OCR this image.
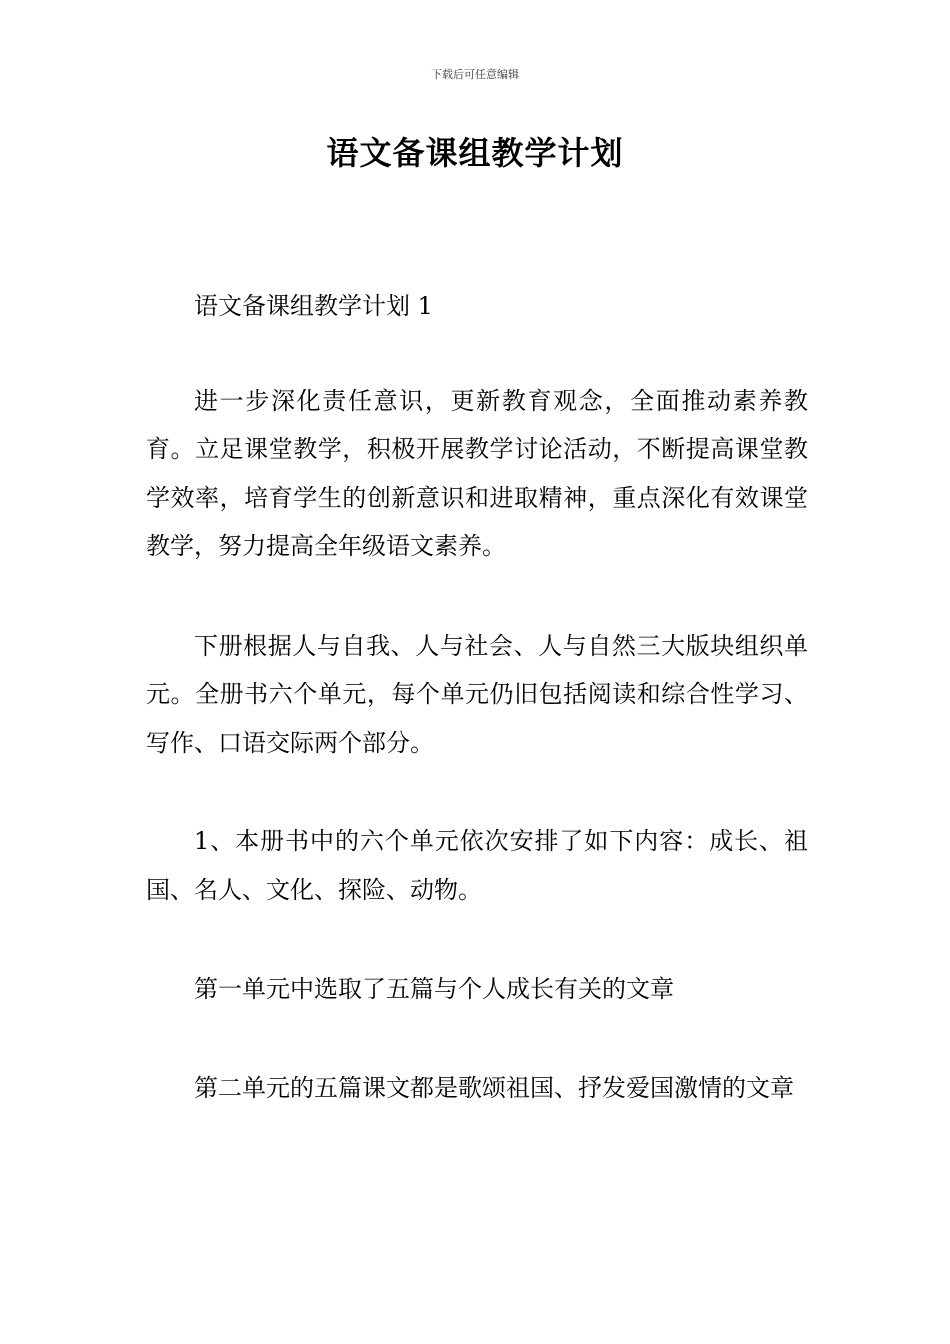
下载后可任意编辑
语文备课组教学计划

语文备课组教学计划 1

进一步深化责任意识，更新教育观念，全面推动素养教育。立足课堂教学，积极开展教学讨论活动，不断提高课堂教学效率，培育学生的创新意识和进取精神，重点深化有效课堂教学，努力提高全年级语文素养。

下册根据人与自我、人与社会、人与自然三大版块组织单元。全册书六个单元，每个单元仍旧包括阅读和综合性学习、写作、口语交际两个部分。

1、本册书中的六个单元依次安排了如下内容：成长、祖国、名人、文化、探险、动物。

第一单元中选取了五篇与个人成长有关的文章

第二单元的五篇课文都是歌颂祖国、抒发爱国激情的文章
